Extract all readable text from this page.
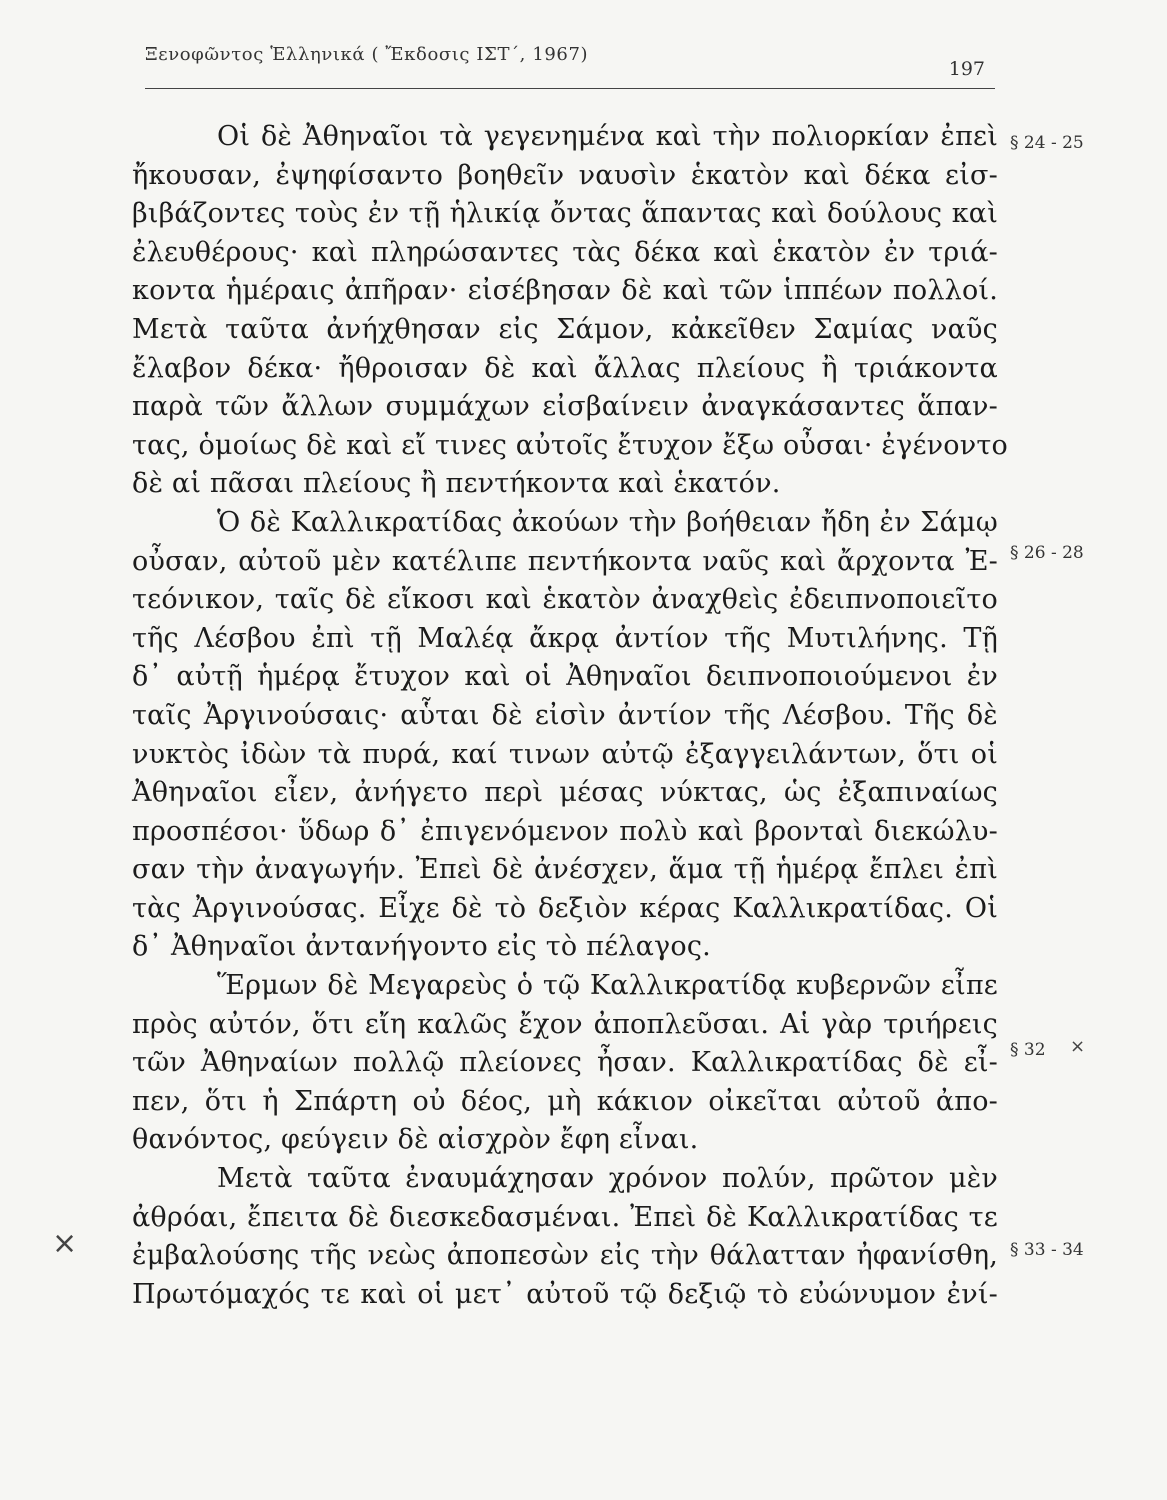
Ξενοφῶντος Ἑλληνικά ( Ἔκδοσις ΙΣΤ΄, 1967)
197
Οἱ δὲ Ἀθηναῖοι τὰ γεγενημένα καὶ τὴν πολιορκίαν ἐπεὶ
ἤκουσαν, ἐψηφίσαντο βοηθεῖν ναυσὶν ἑκατὸν καὶ δέκα εἰσ-
βιβάζοντες τοὺς ἐν τῇ ἡλικίᾳ ὄντας ἅπαντας καὶ δούλους καὶ
ἐλευθέρους· καὶ πληρώσαντες τὰς δέκα καὶ ἑκατὸν ἐν τριά-
κοντα ἡμέραις ἀπῆραν· εἰσέβησαν δὲ καὶ τῶν ἱππέων πολλοί.
Μετὰ ταῦτα ἀνήχθησαν εἰς Σάμον, κἀκεῖθεν Σαμίας ναῦς
ἔλαβον δέκα· ἤθροισαν δὲ καὶ ἄλλας πλείους ἢ τριάκοντα
παρὰ τῶν ἄλλων συμμάχων εἰσβαίνειν ἀναγκάσαντες ἅπαν-
τας, ὁμοίως δὲ καὶ εἴ τινες αὐτοῖς ἔτυχον ἔξω οὖσαι· ἐγένοντο
δὲ αἱ πᾶσαι πλείους ἢ πεντήκοντα καὶ ἑκατόν.
Ὁ δὲ Καλλικρατίδας ἀκούων τὴν βοήθειαν ἤδη ἐν Σάμῳ
οὖσαν, αὐτοῦ μὲν κατέλιπε πεντήκοντα ναῦς καὶ ἄρχοντα Ἐ-
τεόνικον, ταῖς δὲ εἴκοσι καὶ ἑκατὸν ἀναχθεὶς ἐδειπνοποιεῖτο
τῆς Λέσβου ἐπὶ τῇ Μαλέᾳ ἄκρᾳ ἀντίον τῆς Μυτιλήνης. Τῇ
δ᾽ αὐτῇ ἡμέρᾳ ἔτυχον καὶ οἱ Ἀθηναῖοι δειπνοποιούμενοι ἐν
ταῖς Ἀργινούσαις· αὗται δὲ εἰσὶν ἀντίον τῆς Λέσβου. Τῆς δὲ
νυκτὸς ἰδὼν τὰ πυρά, καί τινων αὐτῷ ἐξαγγειλάντων, ὅτι οἱ
Ἀθηναῖοι εἶεν, ἀνήγετο περὶ μέσας νύκτας, ὡς ἐξαπιναίως
προσπέσοι· ὕδωρ δ᾽ ἐπιγενόμενον πολὺ καὶ βρονταὶ διεκώλυ-
σαν τὴν ἀναγωγήν. Ἐπεὶ δὲ ἀνέσχεν, ἅμα τῇ ἡμέρᾳ ἔπλει ἐπὶ
τὰς Ἀργινούσας. Εἶχε δὲ τὸ δεξιὸν κέρας Καλλικρατίδας. Οἱ
δ᾽ Ἀθηναῖοι ἀντανήγοντο εἰς τὸ πέλαγος.
Ἕρμων δὲ Μεγαρεὺς ὁ τῷ Καλλικρατίδᾳ κυβερνῶν εἶπε
πρὸς αὐτόν, ὅτι εἴη καλῶς ἔχον ἀποπλεῦσαι. Αἱ γὰρ τριήρεις
τῶν Ἀθηναίων πολλῷ πλείονες ἦσαν. Καλλικρατίδας δὲ εἶ-
πεν, ὅτι ἡ Σπάρτη οὐ δέος, μὴ κάκιον οἰκεῖται αὐτοῦ ἀπο-
θανόντος, φεύγειν δὲ αἰσχρὸν ἔφη εἶναι.
Μετὰ ταῦτα ἐναυμάχησαν χρόνον πολύν, πρῶτον μὲν
ἀθρόαι, ἔπειτα δὲ διεσκεδασμέναι. Ἐπεὶ δὲ Καλλικρατίδας τε
ἐμβαλούσης τῆς νεὼς ἀποπεσὼν εἰς τὴν θάλατταν ἠφανίσθη,
Πρωτόμαχός τε καὶ οἱ μετ᾽ αὐτοῦ τῷ δεξιῷ τὸ εὐώνυμον ἐνί-
§ 24 - 25
§ 26 - 28
§ 32
§ 33 - 34
×
×
